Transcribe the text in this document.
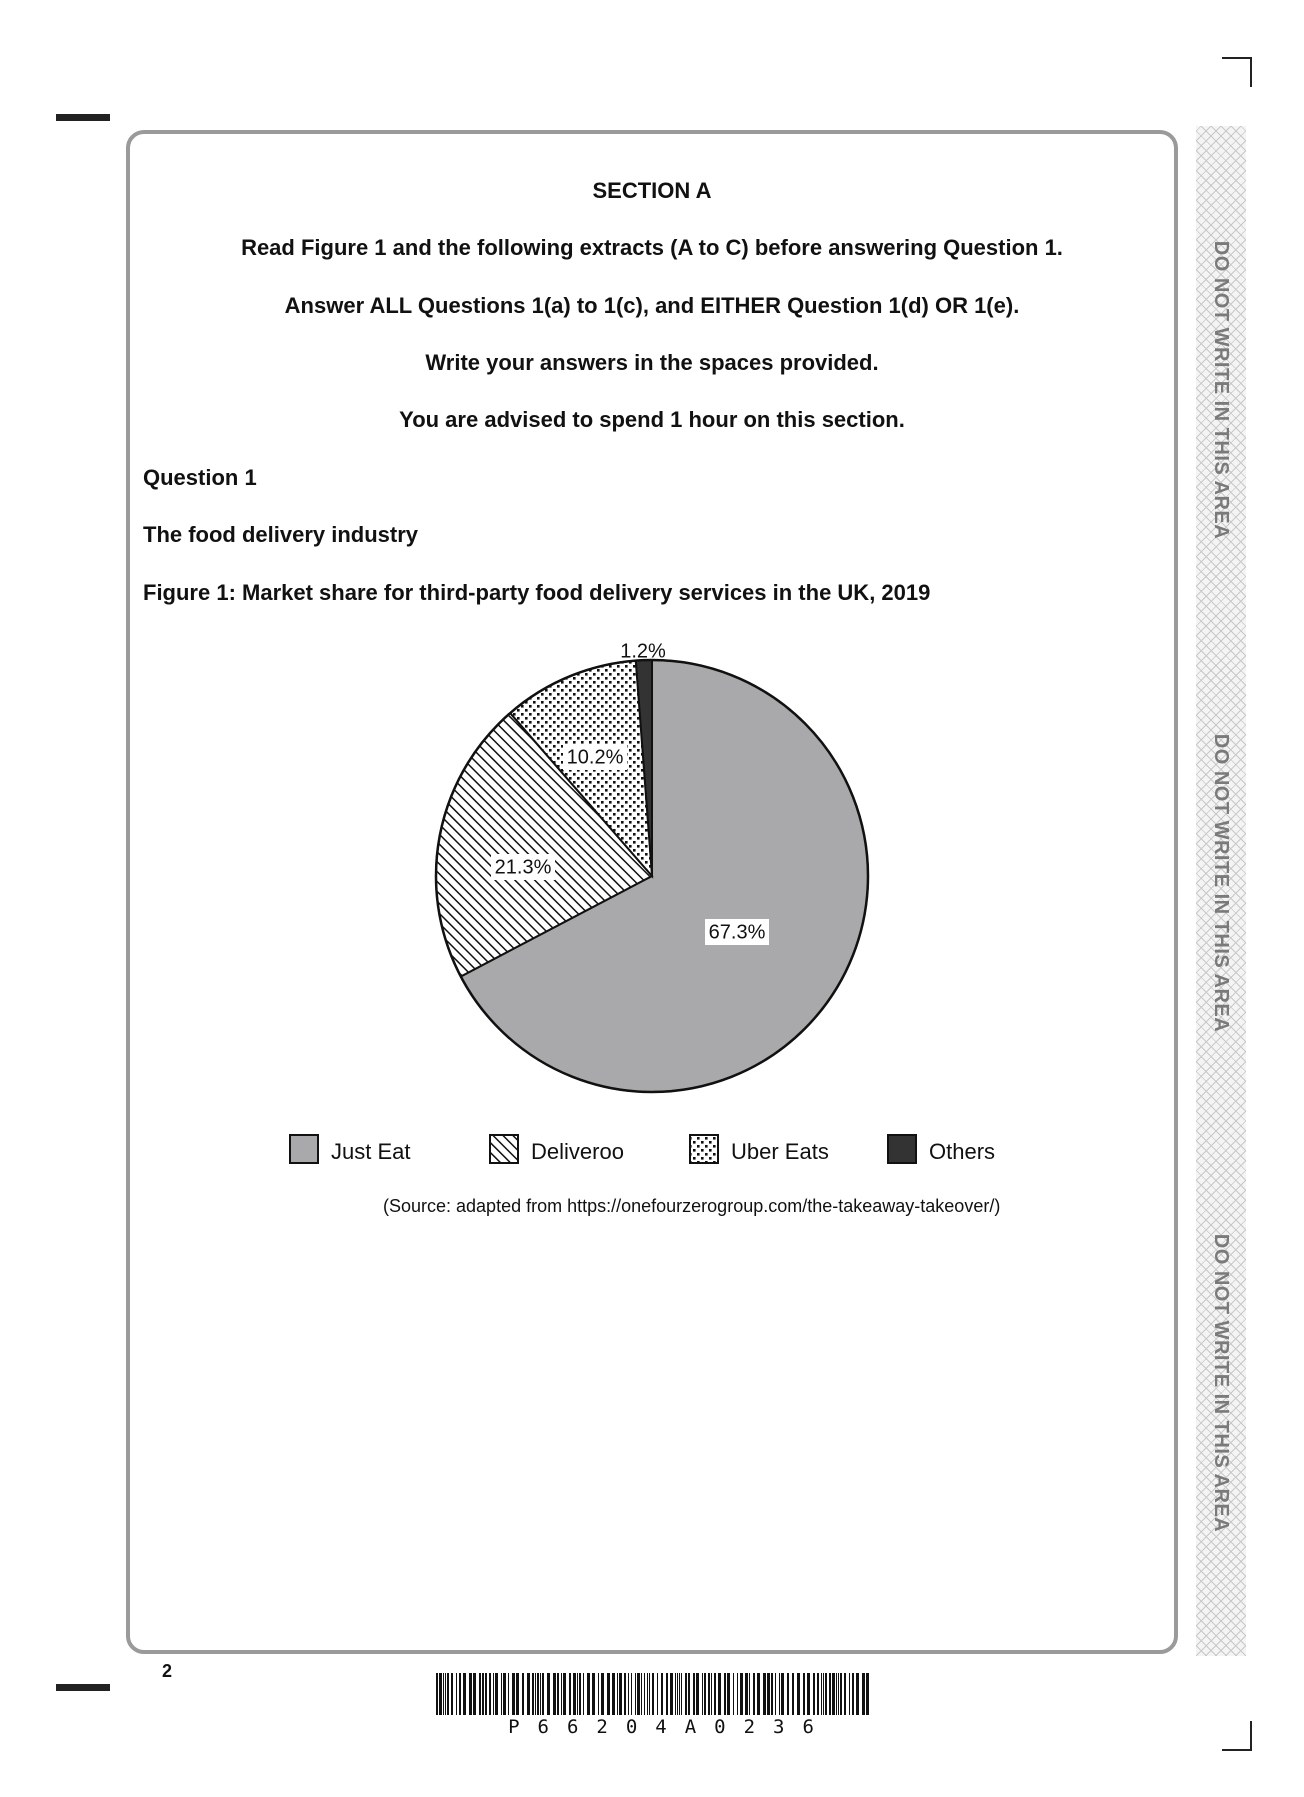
DO NOT WRITE IN THIS AREA
DO NOT WRITE IN THIS AREA
DO NOT WRITE IN THIS AREA
SECTION A
Read Figure 1 and the following extracts (A to C) before answering Question 1.
Answer ALL Questions 1(a) to 1(c), and EITHER Question 1(d) OR 1(e).
Write your answers in the spaces provided.
You are advised to spend 1 hour on this section.
Question 1
The food delivery industry
Figure 1: Market share for third-party food delivery services in the UK, 2019
67.3%
21.3%
10.2%
1.2%
Just Eat	Deliveroo	Uber Eats	Others
(Source: adapted from https://onefourzerogroup.com/the-takeaway-takeover/)
2
P66204A0236
